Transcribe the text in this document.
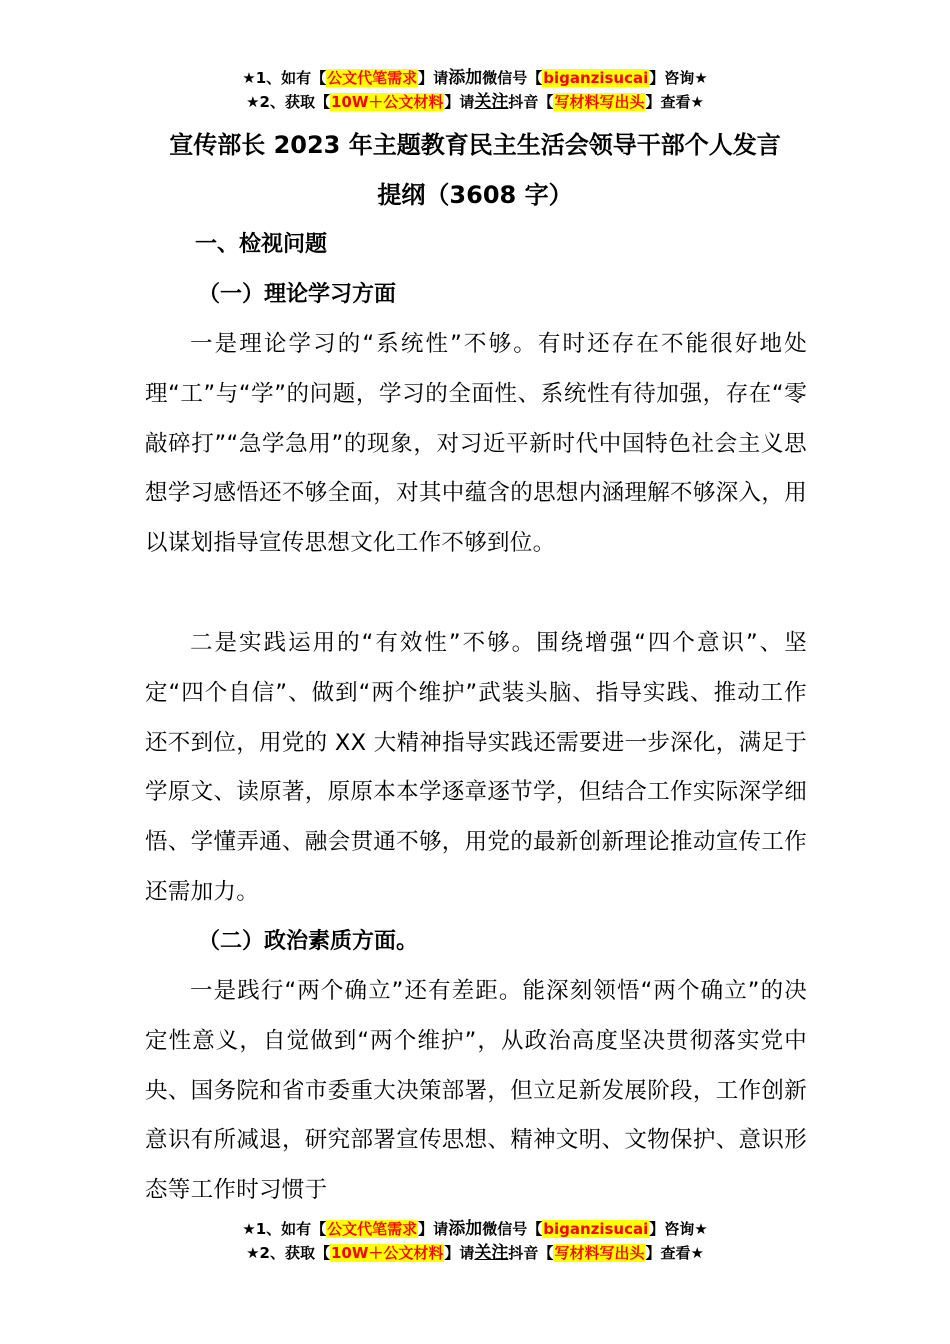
★1、如有【公文代笔需求】请添加微信号【biganzisucai】咨询★
★2、获取【10W＋公文材料】请关注抖音【写材料写出头】查看★
宣传部长 2023 年主题教育民主生活会领导干部个人发言
提纲（3608 字）
一、检视问题
（一）理论学习方面

一是理论学习的“系统性”不够。有时还存在不能很好地处理“工”与“学”的问题，学习的全面性、系统性有待加强，存在“零敲碎打”“急学急用”的现象，对习近平新时代中国特色社会主义思想学习感悟还不够全面，对其中蕴含的思想内涵理解不够深入，用以谋划指导宣传思想文化工作不够到位。

二是实践运用的“有效性”不够。围绕增强“四个意识”、坚定“四个自信”、做到“两个维护”武装头脑、指导实践、推动工作还不到位，用党的 XX 大精神指导实践还需要进一步深化，满足于学原文、读原著，原原本本学逐章逐节学，但结合工作实际深学细悟、学懂弄通、融会贯通不够，用党的最新创新理论推动宣传工作还需加力。

（二）政治素质方面。

一是践行“两个确立”还有差距。能深刻领悟“两个确立”的决定性意义，自觉做到“两个维护”，从政治高度坚决贯彻落实党中央、国务院和省市委重大决策部署，但立足新发展阶段，工作创新意识有所减退，研究部署宣传思想、精神文明、文物保护、意识形态等工作时习惯于

★1、如有【公文代笔需求】请添加微信号【biganzisucai】咨询★
★2、获取【10W＋公文材料】请关注抖音【写材料写出头】查看★
